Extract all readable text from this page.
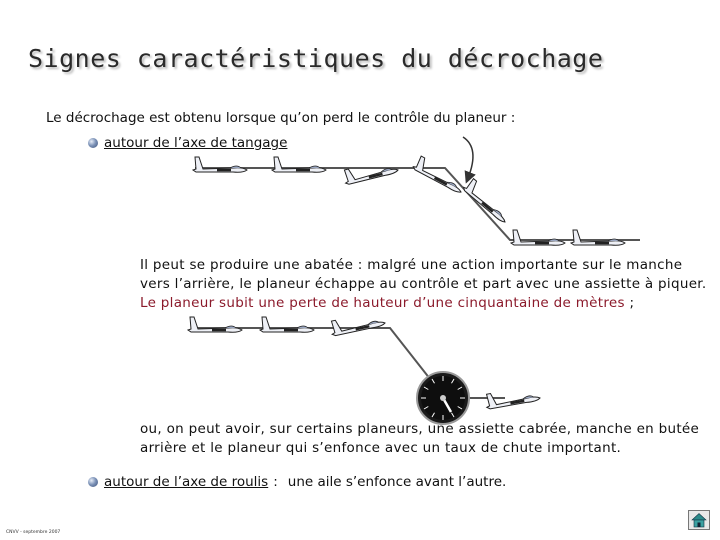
Signes caractéristiques du décrochage
Le décrochage est obtenu lorsque qu’on perd le contrôle du planeur :
autour de l’axe de tangage
Il peut se produire une abatée : malgré une action importante sur le manche vers l’arrière, le planeur échappe au contrôle et part avec une assiette à piquer. Le planeur subit une perte de hauteur d’une cinquantaine de mètres ;
ou, on peut avoir, sur certains planeurs, une assiette cabrée, manche en butée arrière et le planeur qui s’enfonce avec un taux de chute important.
autour de l’axe de roulis : une aile s’enfonce avant l’autre.
CNVV - septembre 2007
